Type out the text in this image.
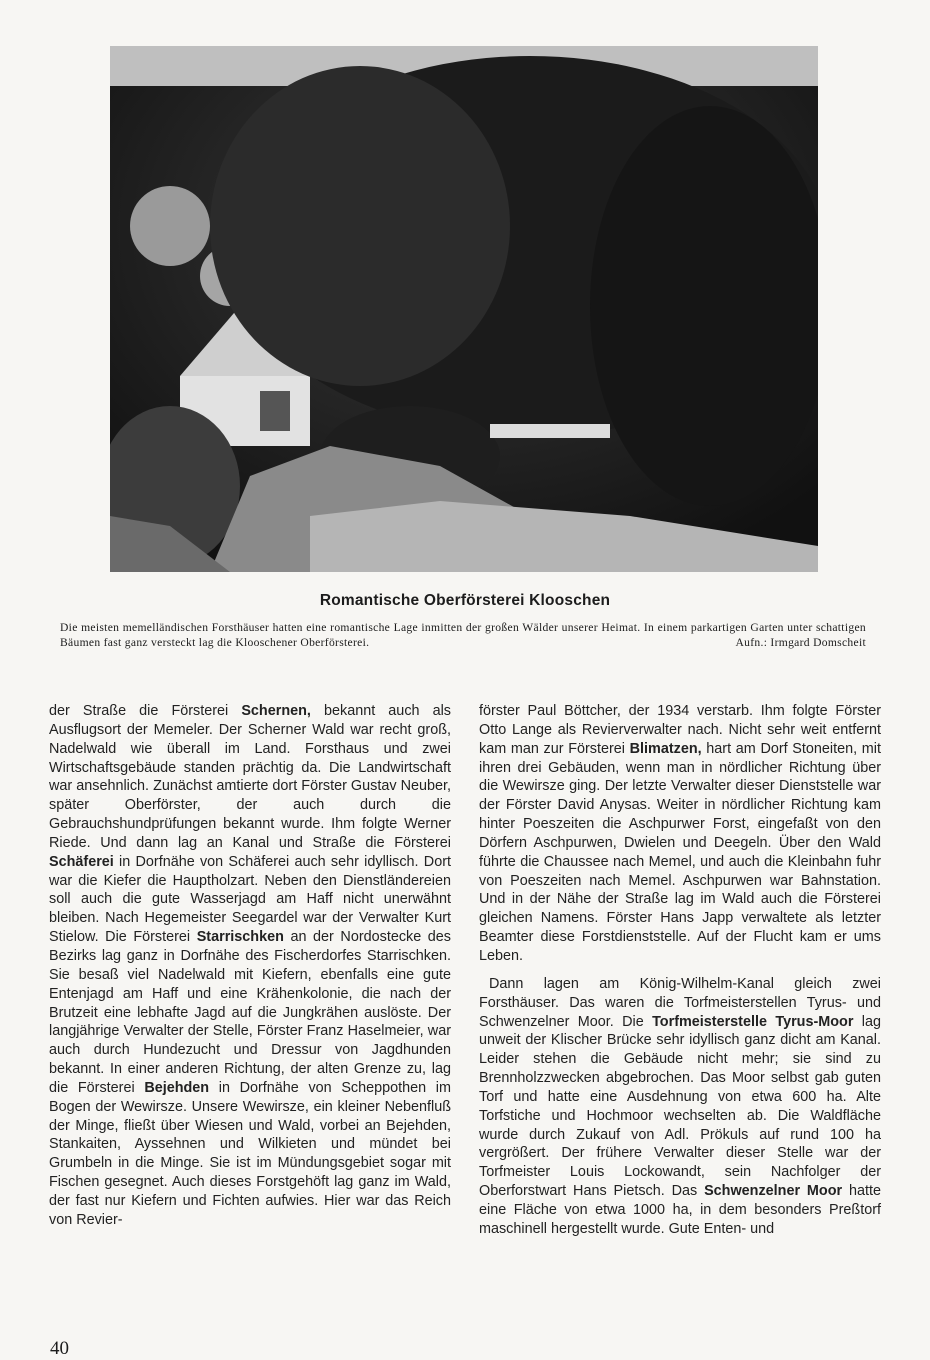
Romantische Oberförsterei Klooschen
Die meisten memelländischen Forsthäuser hatten eine romantische Lage inmitten der großen Wälder unserer Heimat. In einem parkartigen Garten unter schattigen Bäumen fast ganz versteckt lag die Klooschener Oberförsterei.	Aufn.: Irmgard Domscheit

der Straße die Försterei Schernen, bekannt auch als Ausflugsort der Memeler. Der Scherner Wald war recht groß, Nadelwald wie überall im Land. Forsthaus und zwei Wirtschaftsgebäude standen prächtig da. Die Landwirtschaft war ansehnlich. Zunächst amtierte dort Förster Gustav Neuber, später Oberförster, der auch durch die Gebrauchshundprüfungen bekannt wurde. Ihm folgte Werner Riede. Und dann lag an Kanal und Straße die Försterei Schäferei in Dorfnähe von Schäferei auch sehr idyllisch. Dort war die Kiefer die Hauptholzart. Neben den Dienstländereien soll auch die gute Wasserjagd am Haff nicht unerwähnt bleiben. Nach Hegemeister Seegardel war der Verwalter Kurt Stielow. Die Försterei Starrischken an der Nordostecke des Bezirks lag ganz in Dorfnähe des Fischerdorfes Starrischken. Sie besaß viel Nadelwald mit Kiefern, ebenfalls eine gute Entenjagd am Haff und eine Krähenkolonie, die nach der Brutzeit eine lebhafte Jagd auf die Jungkrähen auslöste. Der langjährige Verwalter der Stelle, Förster Franz Haselmeier, war auch durch Hundezucht und Dressur von Jagdhunden bekannt. In einer anderen Richtung, der alten Grenze zu, lag die Försterei Bejehden in Dorfnähe von Scheppothen im Bogen der Wewirsze. Unsere Wewirsze, ein kleiner Nebenfluß der Minge, fließt über Wiesen und Wald, vorbei an Bejehden, Stankaiten, Ayssehnen und Wilkieten und mündet bei Grumbeln in die Minge. Sie ist im Mündungsgebiet sogar mit Fischen gesegnet. Auch dieses Forstgehöft lag ganz im Wald, der fast nur Kiefern und Fichten aufwies. Hier war das Reich von Revier-

förster Paul Böttcher, der 1934 verstarb. Ihm folgte Förster Otto Lange als Revierverwalter nach. Nicht sehr weit entfernt kam man zur Försterei Blimatzen, hart am Dorf Stoneiten, mit ihren drei Gebäuden, wenn man in nördlicher Richtung über die Wewirsze ging. Der letzte Verwalter dieser Dienststelle war der Förster David Anysas. Weiter in nördlicher Richtung kam hinter Poeszeiten die Aschpurwer Forst, eingefaßt von den Dörfern Aschpurwen, Dwielen und Deegeln. Über den Wald führte die Chaussee nach Memel, und auch die Kleinbahn fuhr von Poeszeiten nach Memel. Aschpurwen war Bahnstation. Und in der Nähe der Straße lag im Wald auch die Försterei gleichen Namens. Förster Hans Japp verwaltete als letzter Beamter diese Forstdienststelle. Auf der Flucht kam er ums Leben.

Dann lagen am König-Wilhelm-Kanal gleich zwei Forsthäuser. Das waren die Torfmeisterstellen Tyrus- und Schwenzelner Moor. Die Torfmeisterstelle Tyrus-Moor lag unweit der Klischer Brücke sehr idyllisch ganz dicht am Kanal. Leider stehen die Gebäude nicht mehr; sie sind zu Brennholzzwecken abgebrochen. Das Moor selbst gab guten Torf und hatte eine Ausdehnung von etwa 600 ha. Alte Torfstiche und Hochmoor wechselten ab. Die Waldfläche wurde durch Zukauf von Adl. Prökuls auf rund 100 ha vergrößert. Der frühere Verwalter dieser Stelle war der Torfmeister Louis Lockowandt, sein Nachfolger der Oberforstwart Hans Pietsch. Das Schwenzelner Moor hatte eine Fläche von etwa 1000 ha, in dem besonders Preßtorf maschinell hergestellt wurde. Gute Enten- und

40
